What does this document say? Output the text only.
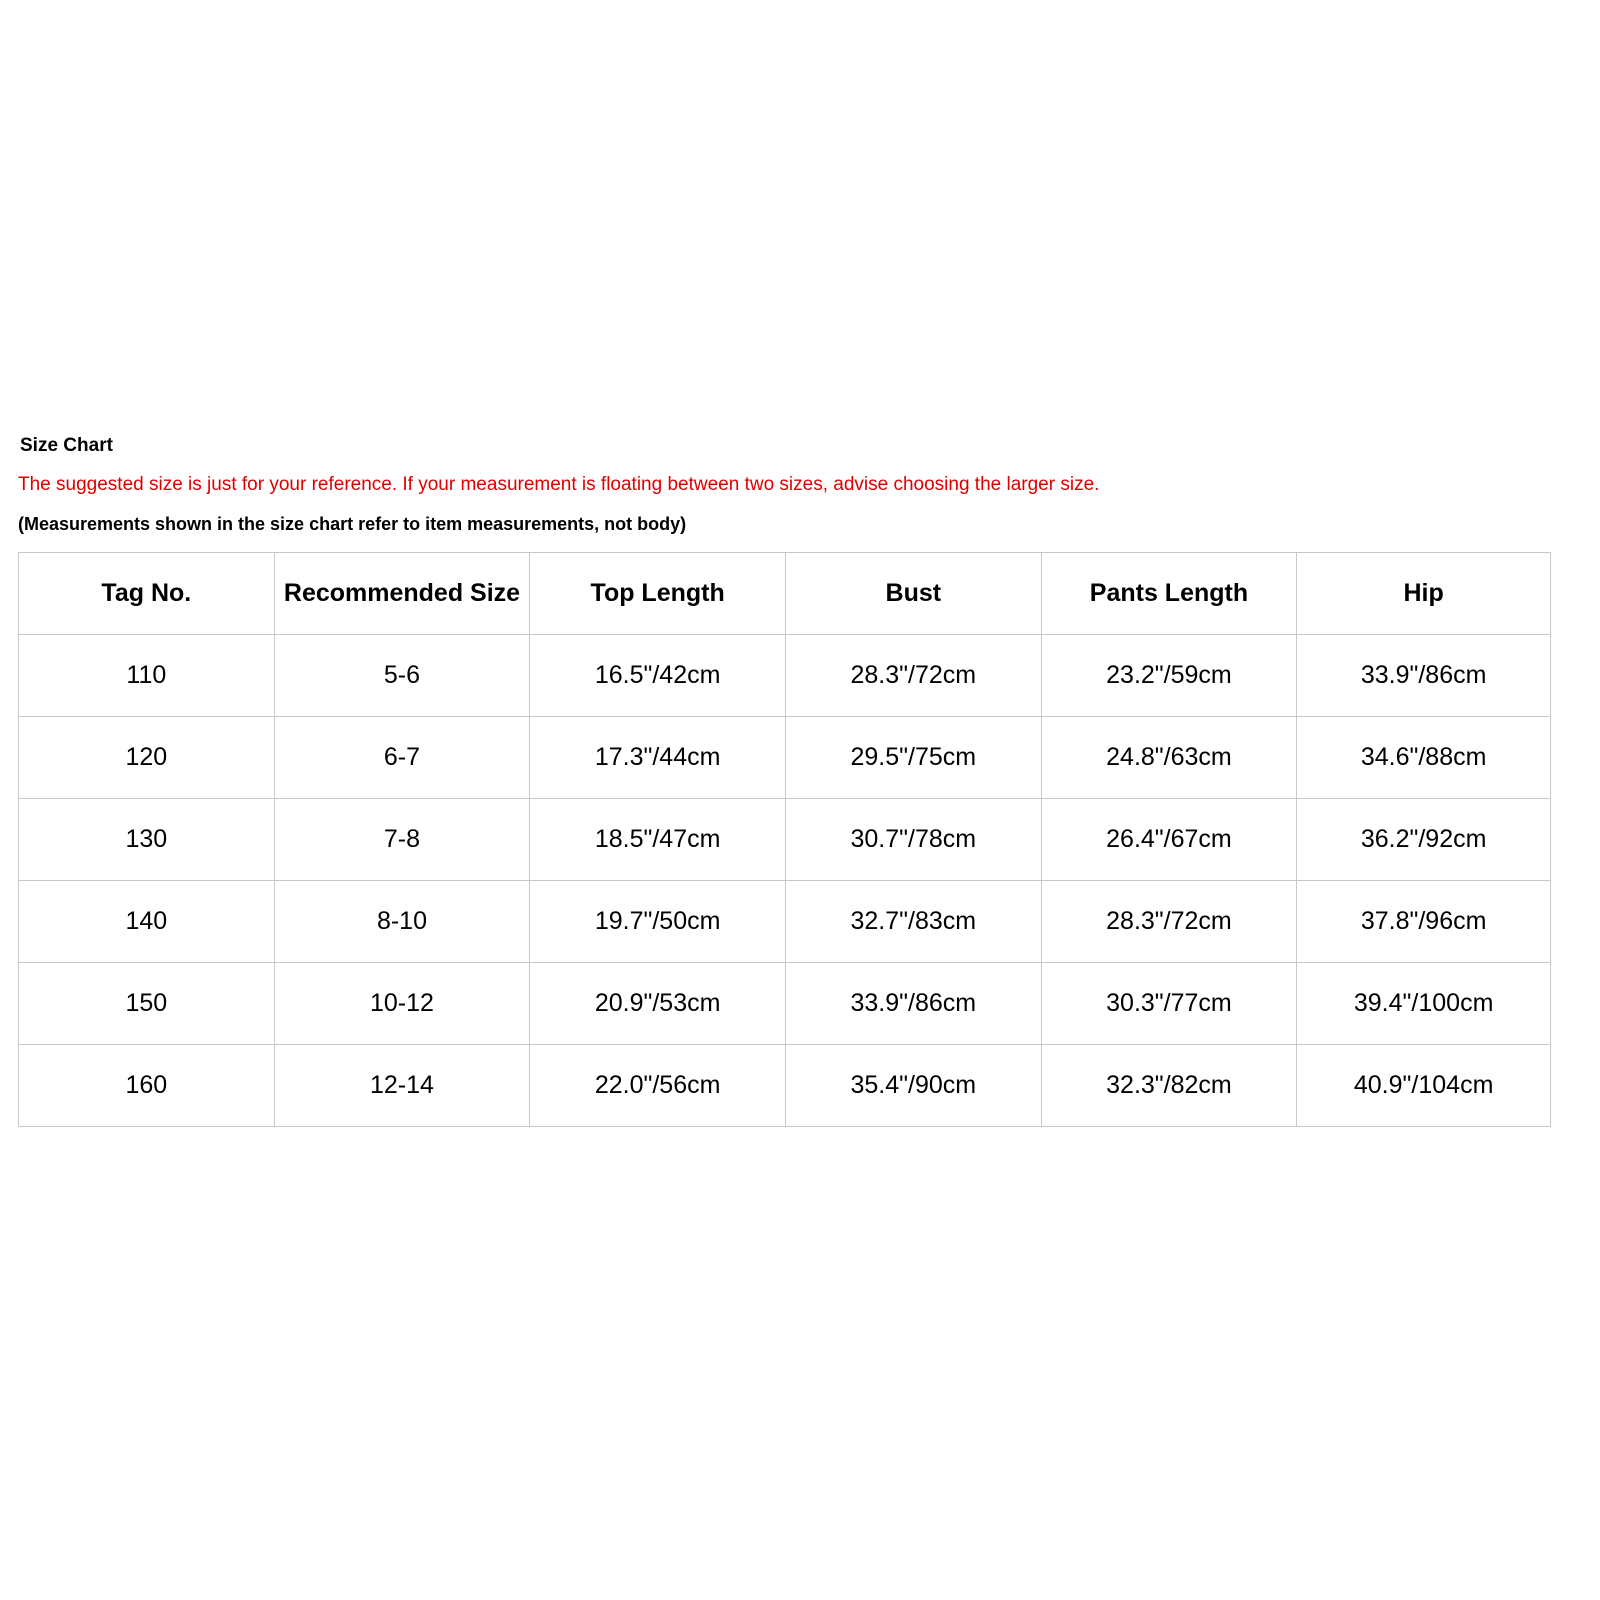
Size Chart

The suggested size is just for your reference. If your measurement is floating between two sizes, advise choosing the larger size.

(Measurements shown in the size chart refer to item measurements, not body)

Tag No.	Recommended Size	Top Length	Bust	Pants Length	Hip
110	5-6	16.5"/42cm	28.3"/72cm	23.2"/59cm	33.9"/86cm
120	6-7	17.3"/44cm	29.5"/75cm	24.8"/63cm	34.6"/88cm
130	7-8	18.5"/47cm	30.7"/78cm	26.4"/67cm	36.2"/92cm
140	8-10	19.7"/50cm	32.7"/83cm	28.3"/72cm	37.8"/96cm
150	10-12	20.9"/53cm	33.9"/86cm	30.3"/77cm	39.4"/100cm
160	12-14	22.0"/56cm	35.4"/90cm	32.3"/82cm	40.9"/104cm
